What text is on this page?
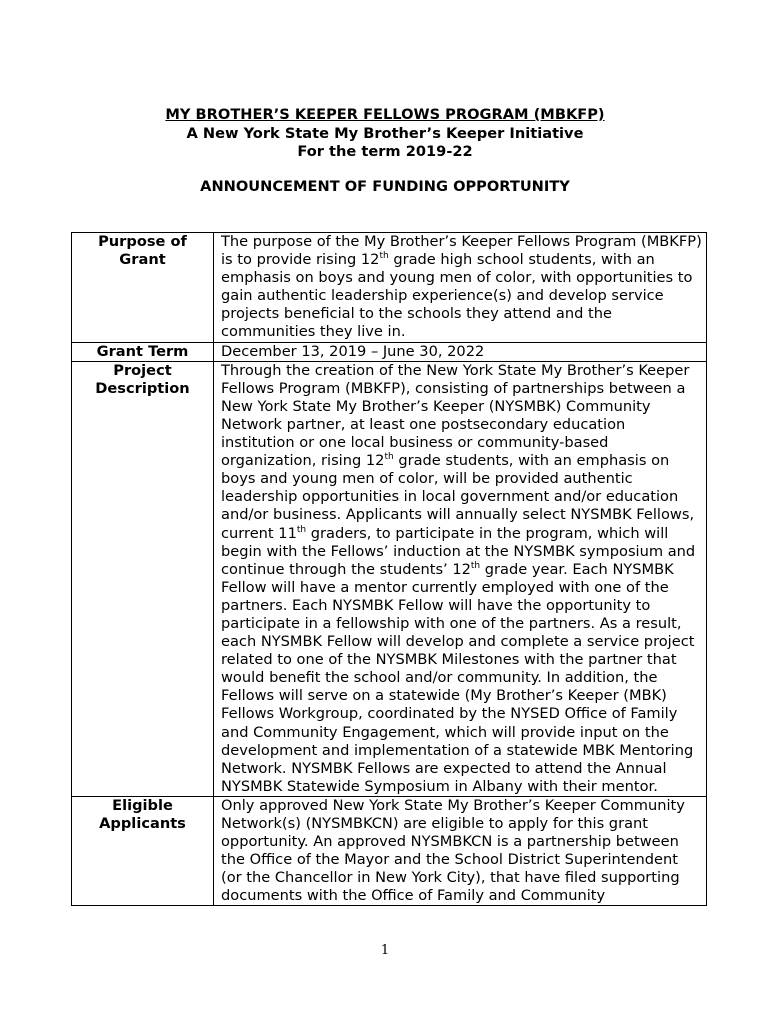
MY BROTHER’S KEEPER FELLOWS PROGRAM (MBKFP)
A New York State My Brother’s Keeper Initiative
For the term 2019-22
ANNOUNCEMENT OF FUNDING OPPORTUNITY
Purpose of Grant	The purpose of the My Brother’s Keeper Fellows Program (MBKFP) is to provide rising 12th grade high school students, with an emphasis on boys and young men of color, with opportunities to gain authentic leadership experience(s) and develop service projects beneficial to the schools they attend and the communities they live in.
Grant Term	December 13, 2019 – June 30, 2022
Project Description	Through the creation of the New York State My Brother’s Keeper Fellows Program (MBKFP), consisting of partnerships between a New York State My Brother’s Keeper (NYSMBK) Community Network partner, at least one postsecondary education institution or one local business or community-based organization, rising 12th grade students, with an emphasis on boys and young men of color, will be provided authentic leadership opportunities in local government and/or education and/or business. Applicants will annually select NYSMBK Fellows, current 11th graders, to participate in the program, which will begin with the Fellows’ induction at the NYSMBK symposium and continue through the students’ 12th grade year. Each NYSMBK Fellow will have a mentor currently employed with one of the partners. Each NYSMBK Fellow will have the opportunity to participate in a fellowship with one of the partners. As a result, each NYSMBK Fellow will develop and complete a service project related to one of the NYSMBK Milestones with the partner that would benefit the school and/or community. In addition, the Fellows will serve on a statewide (My Brother’s Keeper (MBK) Fellows Workgroup, coordinated by the NYSED Office of Family and Community Engagement, which will provide input on the development and implementation of a statewide MBK Mentoring Network. NYSMBK Fellows are expected to attend the Annual NYSMBK Statewide Symposium in Albany with their mentor.
Eligible Applicants	Only approved New York State My Brother’s Keeper Community Network(s) (NYSMBKCN) are eligible to apply for this grant opportunity. An approved NYSMBKCN is a partnership between the Office of the Mayor and the School District Superintendent (or the Chancellor in New York City), that have filed supporting documents with the Office of Family and Community
1
